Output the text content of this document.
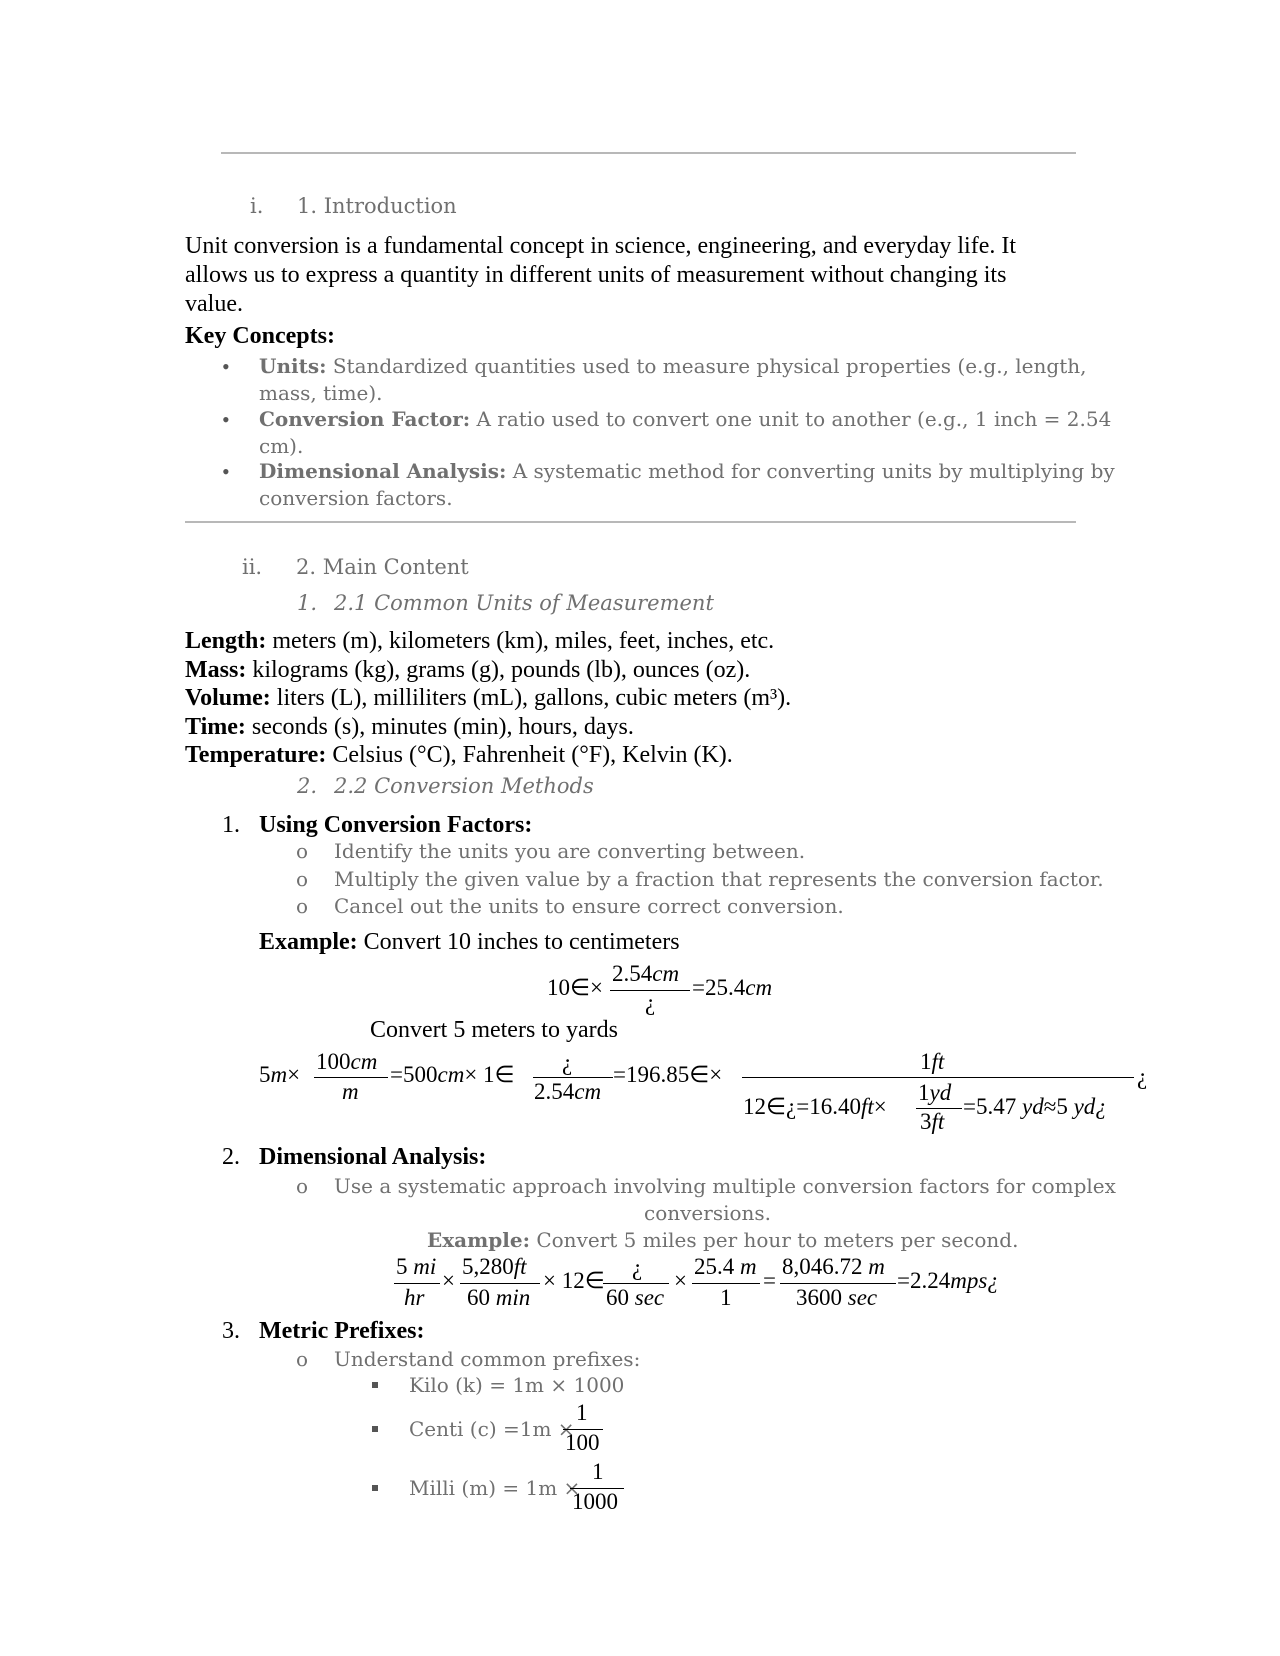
i. 1. Introduction
Unit conversion is a fundamental concept in science, engineering, and everyday life. It
allows us to express a quantity in different units of measurement without changing its
value.
Key Concepts:
• Units: Standardized quantities used to measure physical properties (e.g., length,
mass, time).
• Conversion Factor: A ratio used to convert one unit to another (e.g., 1 inch = 2.54
cm).
• Dimensional Analysis: A systematic method for converting units by multiplying by
conversion factors.
ii. 2. Main Content
1. 2.1 Common Units of Measurement
Length: meters (m), kilometers (km), miles, feet, inches, etc.
Mass: kilograms (kg), grams (g), pounds (lb), ounces (oz).
Volume: liters (L), milliliters (mL), gallons, cubic meters (m³).
Time: seconds (s), minutes (min), hours, days.
Temperature: Celsius (°C), Fahrenheit (°F), Kelvin (K).
2. 2.2 Conversion Methods
1. Using Conversion Factors:
o Identify the units you are converting between.
o Multiply the given value by a fraction that represents the conversion factor.
o Cancel out the units to ensure correct conversion.
Example: Convert 10 inches to centimeters
10∈×
2.54cm
¿
=25.4cm
Convert 5 meters to yards
5m×
100cm
m
=500cm× 1∈ ¿
2.54cm
=196.85∈×
1ft
¿
12∈¿=16.40ft×
1yd
3ft
=5.47 yd≈5 yd¿
2. Dimensional Analysis:
o Use a systematic approach involving multiple conversion factors for complex
conversions.
Example: Convert 5 miles per hour to meters per second.
5 mi
hr
×
5,280ft
60 min
× 12∈
¿
60 sec
×
25.4 m
1
=
8,046.72 m
3600 sec
=2.24mps¿
3. Metric Prefixes:
o Understand common prefixes:
Kilo (k) = 1m × 1000
Centi (c) =1m ×
1
100
Milli (m) = 1m ×
1
1000
